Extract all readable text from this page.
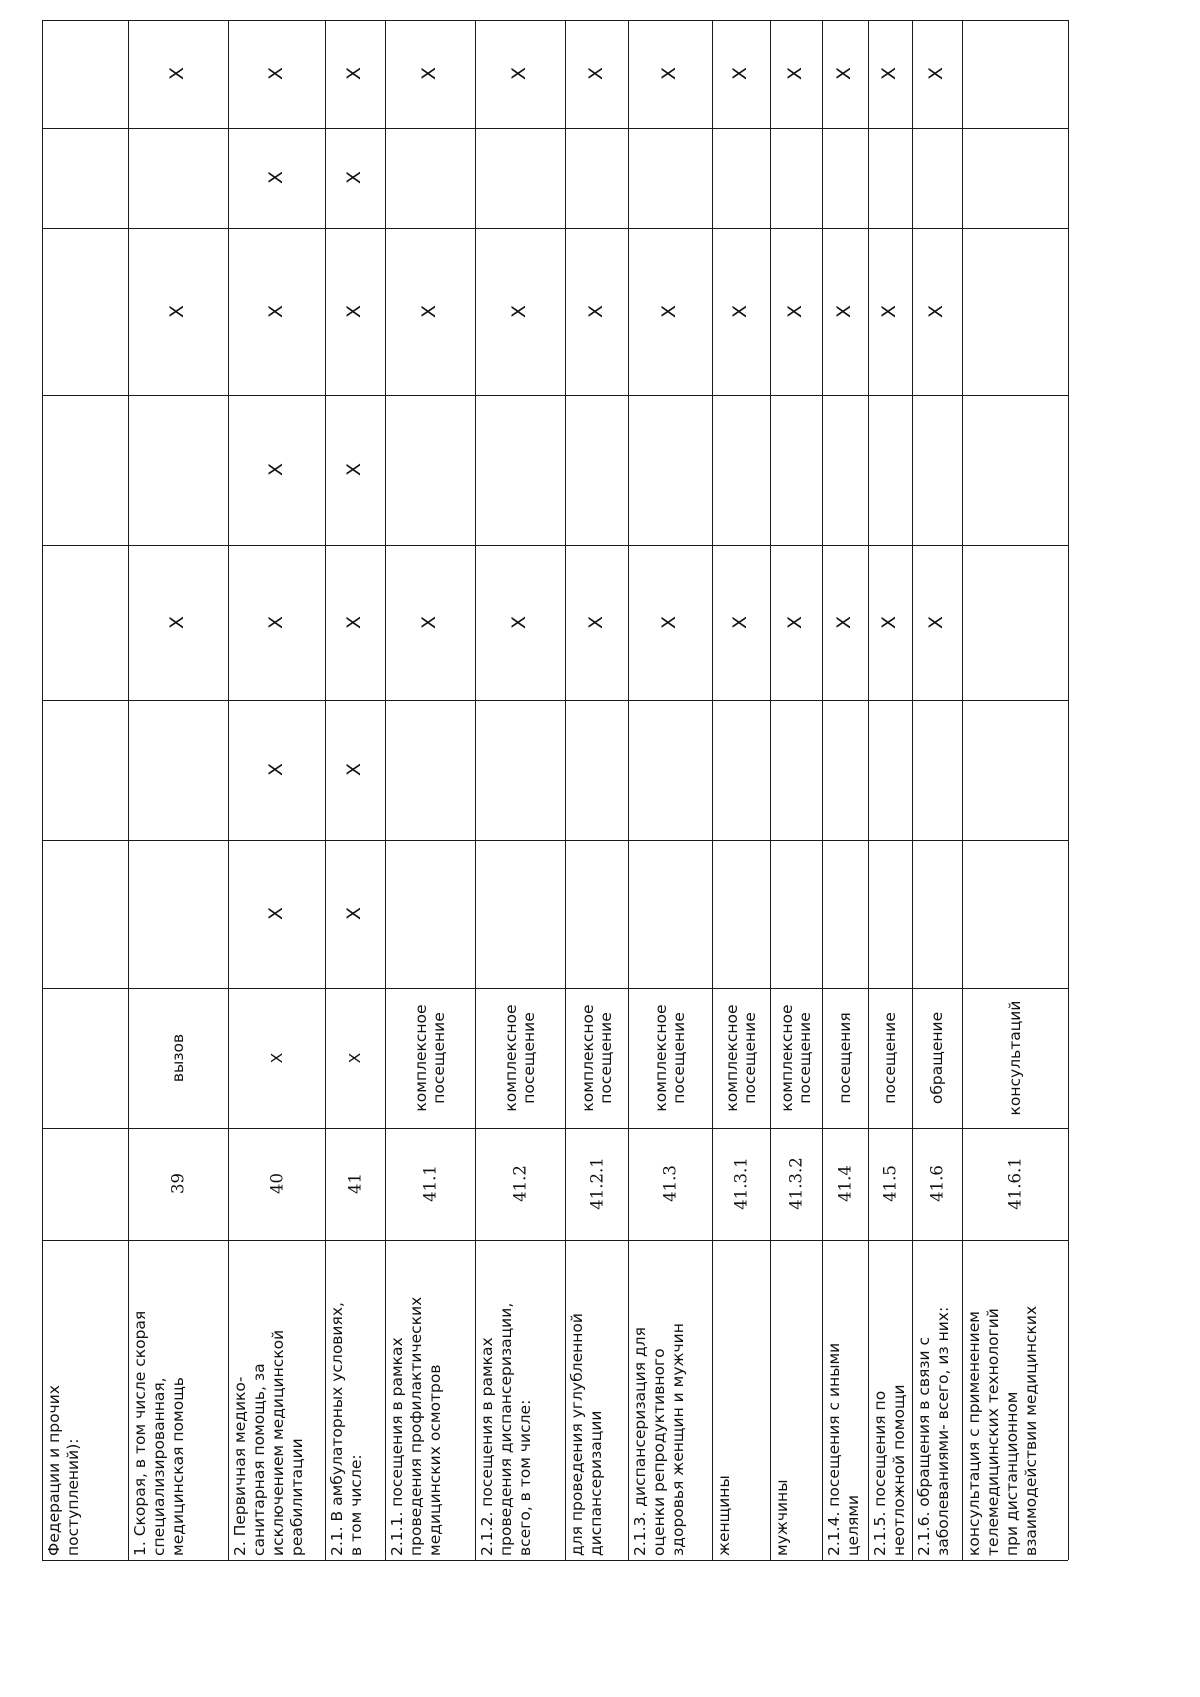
Федерации и прочих поступлений):	1. Скорая, в том числе скорая специализированная, медицинская помощь
39
вызов
X
X
X
2. Первичная медико- санитарная помощь, за исключением медицинской реабилитации
40
X
X
X
X
X
X
X
X
2.1. В амбулаторных условиях, в том числе:
41
X
X
X
X
X
X
X
X
2.1.1. посещения в рамках проведения профилактических медицинских осмотров
41.1
комплексное посещение
X
X
X
2.1.2. посещения в рамках проведения диспансеризации, всего, в том числе:
41.2
комплексное посещение
X
X
X
для проведения углубленной диспансеризации
41.2.1
комплексное посещение
X
X
X
2.1.3. диспансеризация для оценки репродуктивного здоровья женщин и мужчин
41.3
комплексное посещение
X
X
X
женщины
41.3.1
комплексное посещение
X
X
X
мужчины
41.3.2
комплексное посещение
X
X
X
2.1.4. посещения с иными целями
41.4
посещения
X
X
X
2.1.5. посещения по неотложной помощи
41.5
посещение
X
X
X
2.1.6. обращения в связи с заболеваниями- всего, из них:
41.6
обращение
X
X
X
консультация с применением телемедицинских технологий при дистанционном взаимодействии медицинских
41.6.1
консультаций
